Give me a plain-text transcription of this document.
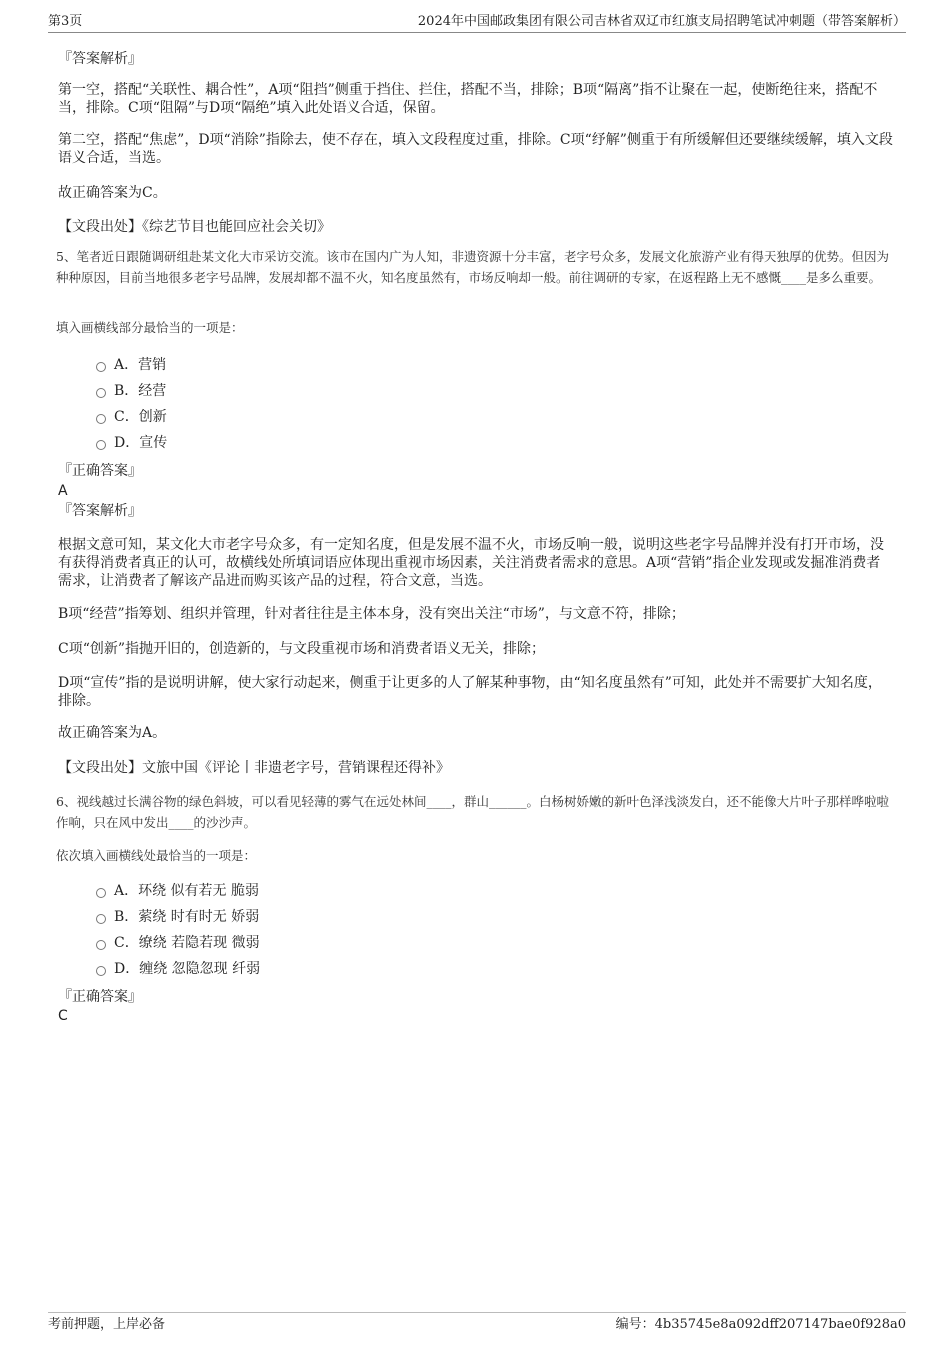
第3页	2024年中国邮政集团有限公司吉林省双辽市红旗支局招聘笔试冲刺题（带答案解析）
『答案解析』
第一空，搭配“关联性、耦合性”，A项“阻挡”侧重于挡住、拦住，搭配不当，排除；B项“隔离”指不让聚在一起，使断绝往来，搭配不当，排除。C项“阻隔”与D项“隔绝”填入此处语义合适，保留。
第二空，搭配“焦虑”，D项“消除”指除去，使不存在，填入文段程度过重，排除。C项“纾解”侧重于有所缓解但还要继续缓解，填入文段语义合适，当选。
故正确答案为C。
【文段出处】《综艺节目也能回应社会关切》
5、笔者近日跟随调研组赴某文化大市采访交流。该市在国内广为人知，非遗资源十分丰富，老字号众多，发展文化旅游产业有得天独厚的优势。但因为种种原因，目前当地很多老字号品牌，发展却都不温不火，知名度虽然有，市场反响却一般。前往调研的专家，在返程路上无不感慨____是多么重要。
填入画横线部分最恰当的一项是：
A．营销
B．经营
C．创新
D．宣传
『正确答案』
A
『答案解析』
根据文意可知，某文化大市老字号众多，有一定知名度，但是发展不温不火，市场反响一般，说明这些老字号品牌并没有打开市场，没有获得消费者真正的认可，故横线处所填词语应体现出重视市场因素，关注消费者需求的意思。A项“营销”指企业发现或发掘准消费者需求，让消费者了解该产品进而购买该产品的过程，符合文意，当选。
B项“经营”指筹划、组织并管理，针对者往往是主体本身，没有突出关注“市场”，与文意不符，排除；
C项“创新”指抛开旧的，创造新的，与文段重视市场和消费者语义无关，排除；
D项“宣传”指的是说明讲解，使大家行动起来，侧重于让更多的人了解某种事物，由“知名度虽然有”可知，此处并不需要扩大知名度，排除。
故正确答案为A。
【文段出处】文旅中国《评论丨非遗老字号，营销课程还得补》
6、视线越过长满谷物的绿色斜坡，可以看见轻薄的雾气在远处林间____，群山______。白杨树娇嫩的新叶色泽浅淡发白，还不能像大片叶子那样哗啦啦作响，只在风中发出____的沙沙声。
依次填入画横线处最恰当的一项是：
A．环绕 似有若无 脆弱
B．萦绕 时有时无 娇弱
C．缭绕 若隐若现 微弱
D．缠绕 忽隐忽现 纤弱
『正确答案』
C
考前押题，上岸必备	编号：4b35745e8a092dff207147bae0f928a0
